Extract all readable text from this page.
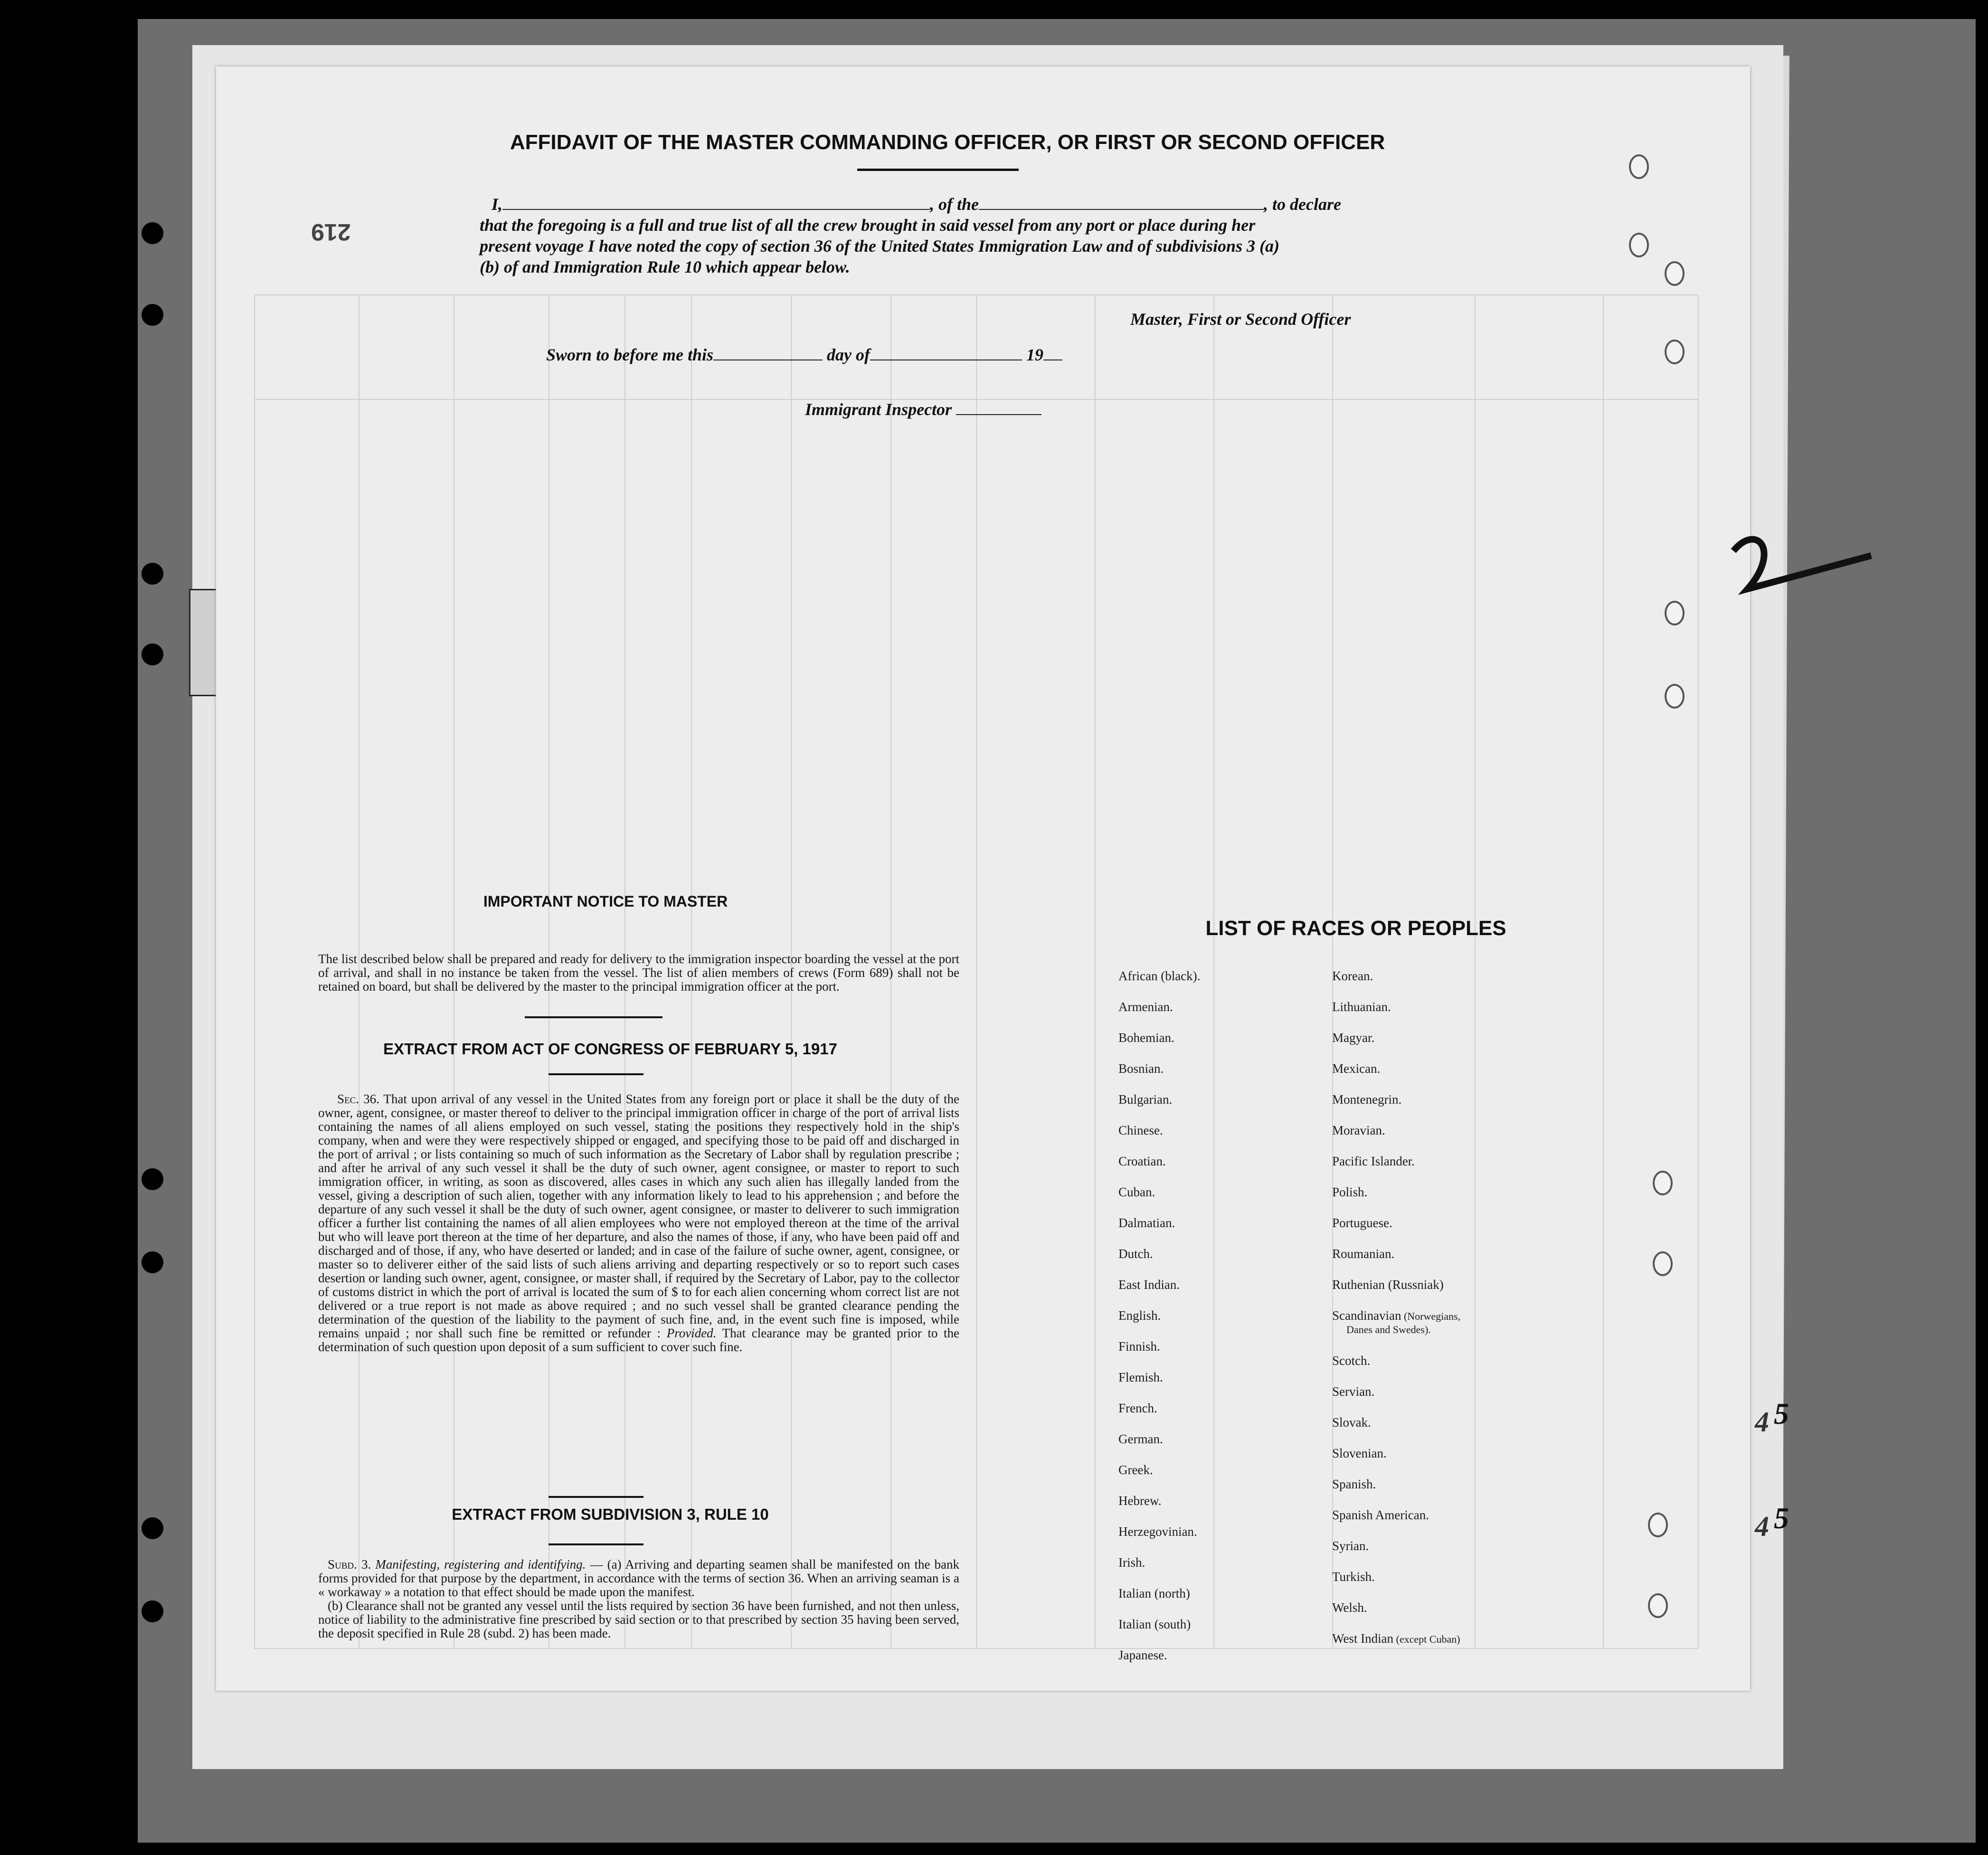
AFFIDAVIT OF THE MASTER COMMANDING OFFICER, OR FIRST OR SECOND OFFICER
I,	, of the	, to declare
that the foregoing is a full and true list of all the crew brought in said vessel from any port or place during her
present voyage I have noted the copy of section 36 of the United States Immigration Law and of subdivisions 3 (a)
(b) of and Immigration Rule 10 which appear below.
219
Master, First or Second Officer
Sworn to before me this	day of	19
Immigrant Inspector
IMPORTANT NOTICE TO MASTER
The list described below shall be prepared and ready for delivery to the immigration inspector boarding the vessel at the port of arrival, and shall in no instance be taken from the vessel. The list of alien members of crews (Form 689) shall not be retained on board, but shall be delivered by the master to the principal immigration officer at the port.
EXTRACT FROM ACT OF CONGRESS OF FEBRUARY 5, 1917
Sec. 36. That upon arrival of any vessel in the United States from any foreign port or place it shall be the duty of the owner, agent, consignee, or master thereof to deliver to the principal immigration officer in charge of the port of arrival lists containing the names of all aliens employed on such vessel, stating the positions they respectively hold in the ship's company, when and were they were respectively shipped or engaged, and specifying those to be paid off and discharged in the port of arrival ; or lists containing so much of such information as the Secretary of Labor shall by regulation prescribe ; and after he arrival of any such vessel it shall be the duty of such owner, agent consignee, or master to report to such immigration officer, in writing, as soon as discovered, alles cases in which any such alien has illegally landed from the vessel, giving a description of such alien, together with any information likely to lead to his apprehension ; and before the departure of any such vessel it shall be the duty of such owner, agent consignee, or master to deliverer to such immigration officer a further list containing the names of all alien employees who were not employed thereon at the time of the arrival but who will leave port thereon at the time of her departure, and also the names of those, if any, who have been paid off and discharged and of those, if any, who have deserted or landed; and in case of the failure of suche owner, agent, consignee, or master so to deliverer either of the said lists of such aliens arriving and departing respectively or so to report such cases desertion or landing such owner, agent, consignee, or master shall, if required by the Secretary of Labor, pay to the collector of customs district in which the port of arrival is located the sum of $ to for each alien concerning whom correct list are not delivered or a true report is not made as above required ; and no such vessel shall be granted clearance pending the determination of the question of the liability to the payment of such fine, and, in the event such fine is imposed, while remains unpaid ; nor shall such fine be remitted or refunder : Provided. That clearance may be granted prior to the determination of such question upon deposit of a sum sufficient to cover such fine.
EXTRACT FROM SUBDIVISION 3, RULE 10
Subd. 3. Manifesting, registering and identifying. — (a) Arriving and departing seamen shall be manifested on the bank forms provided for that purpose by the department, in accordance with the terms of section 36. When an arriving seaman is a « workaway » a notation to that effect should be made upon the manifest.
(b) Clearance shall not be granted any vessel until the lists required by section 36 have been furnished, and not then unless, notice of liability to the administrative fine prescribed by said section or to that prescribed by section 35 having been served, the deposit specified in Rule 28 (subd. 2) has been made.
LIST OF RACES OR PEOPLES
African (black).
Armenian.
Bohemian.
Bosnian.
Bulgarian.
Chinese.
Croatian.
Cuban.
Dalmatian.
Dutch.
East Indian.
English.
Finnish.
Flemish.
French.
German.
Greek.
Hebrew.
Herzegovinian.
Irish.
Italian (north)
Italian (south)
Japanese.
Korean.
Lithuanian.
Magyar.
Mexican.
Montenegrin.
Moravian.
Pacific Islander.
Polish.
Portuguese.
Roumanian.
Ruthenian (Russniak)
Scandinavian (Norwegians,
Scotch.
Servian.
Slovak.
Slovenian.
Spanish.
Spanish American.
Syrian.
Turkish.
Welsh.
West Indian (except Cuban)
Danes and Swedes).
4
4
5
5
